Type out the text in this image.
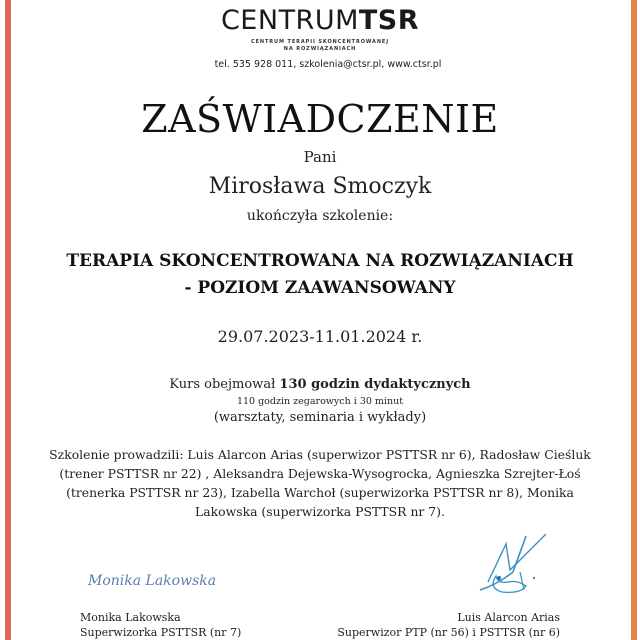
CENTRUMTSR
CENTRUM TERAPII SKONCENTROWANEJ
NA ROZWIĄZANIACH
tel. 535 928 011, szkolenia@ctsr.pl, www.ctsr.pl
ZAŚWIADCZENIE
Pani
Mirosława Smoczyk
ukończyła szkolenie:
TERAPIA SKONCENTROWANA NA ROZWIĄZANIACH
- POZIOM ZAAWANSOWANY
29.07.2023-11.01.2024 r.
Kurs obejmował 130 godzin dydaktycznych
110 godzin zegarowych i 30 minut
(warsztaty, seminaria i wykłady)
Szkolenie prowadzili: Luis Alarcon Arias (superwizor PSTTSR nr 6), Radosław Cieśluk (trener PSTTSR nr 22) , Aleksandra Dejewska-Wysogrocka, Agnieszka Szrejter-Łoś (trenerka PSTTSR nr 23), Izabella Warchoł (superwizorka PSTTSR nr 8), Monika Lakowska (superwizorka PSTTSR nr 7).
Monika Lakowska
Monika Lakowska
Superwizorka PSTTSR (nr 7)
Luis Alarcon Arias
Superwizor PTP (nr 56) i PSTTSR (nr 6)
